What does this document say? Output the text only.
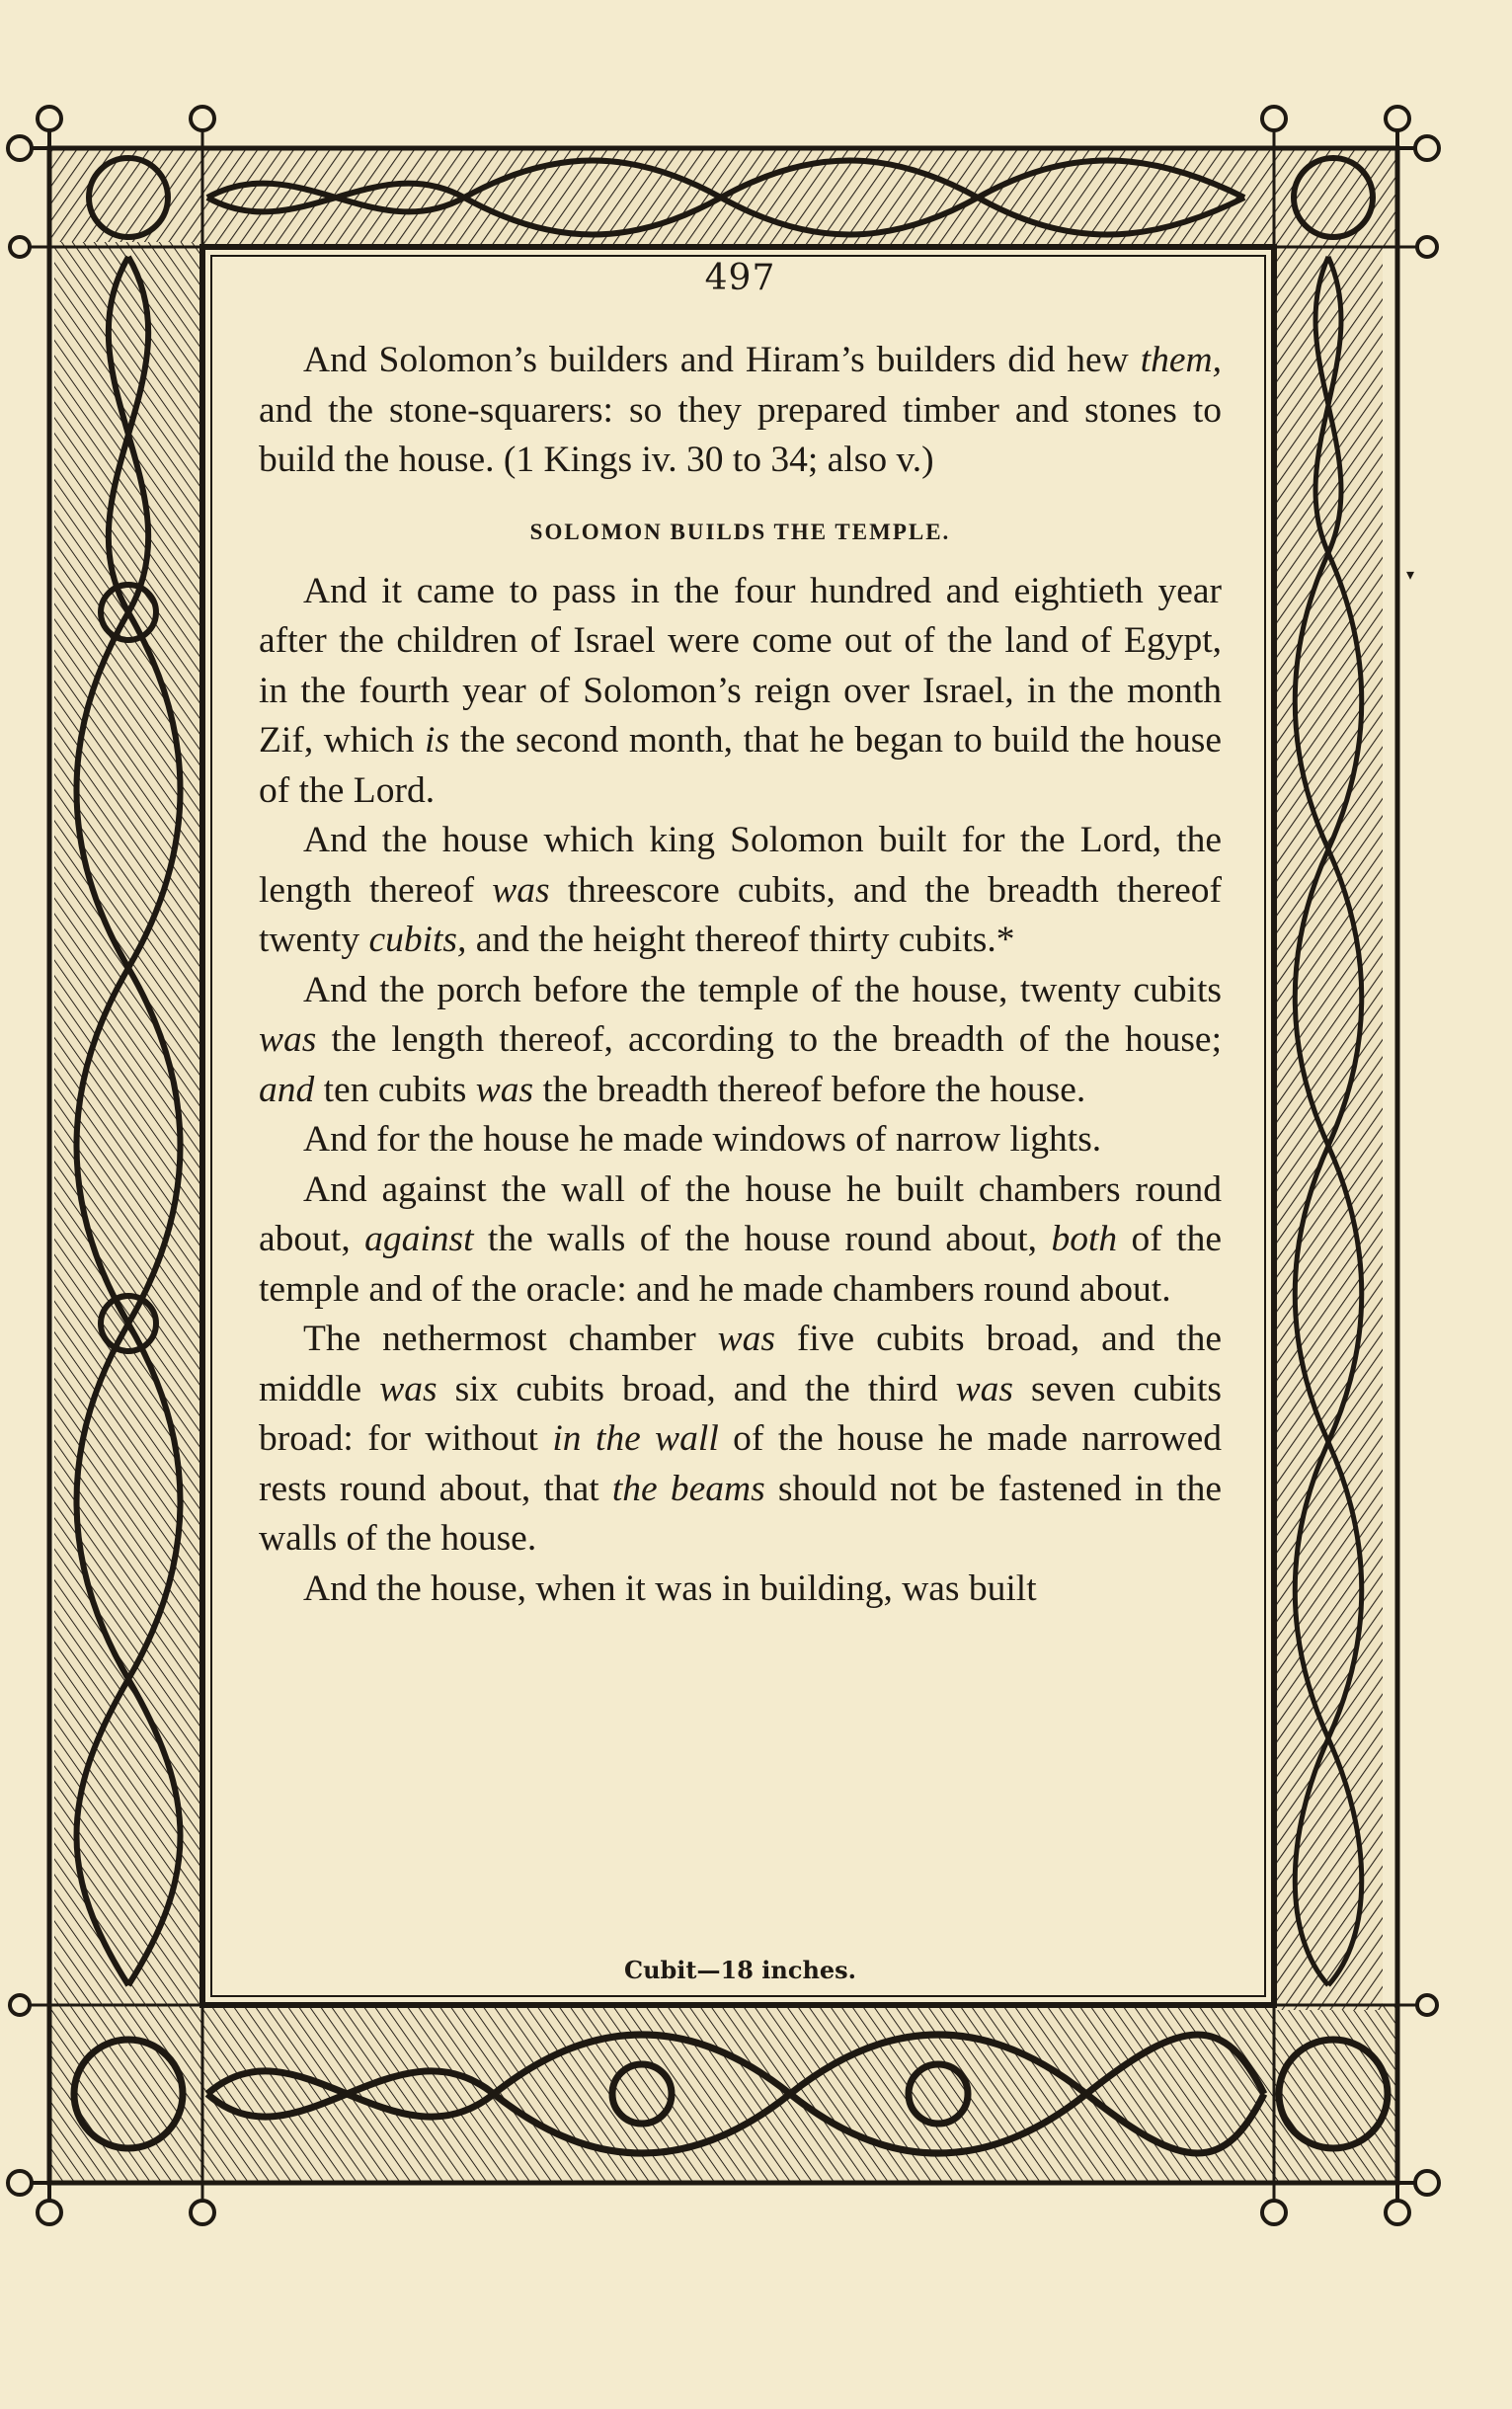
▾
497

And Solomon’s builders and Hiram’s builders did hew them, and the stone-squarers: so they prepared timber and stones to build the house. (1 Kings iv. 30 to 34; also v.)

SOLOMON BUILDS THE TEMPLE.

And it came to pass in the four hundred and eightieth year after the children of Israel were come out of the land of Egypt, in the fourth year of Solomon’s reign over Israel, in the month Zif, which is the second month, that he began to build the house of the Lord.

And the house which king Solomon built for the Lord, the length thereof was threescore cubits, and the breadth thereof twenty cubits, and the height thereof thirty cubits.*

And the porch before the temple of the house, twenty cubits was the length thereof, according to the breadth of the house; and ten cubits was the breadth thereof before the house.

And for the house he made windows of narrow lights.

And against the wall of the house he built chambers round about, against the walls of the house round about, both of the temple and of the oracle: and he made chambers round about.

The nethermost chamber was five cubits broad, and the middle was six cubits broad, and the third was seven cubits broad: for without in the wall of the house he made narrowed rests round about, that the beams should not be fastened in the walls of the house.

And the house, when it was in building, was built

Cubit—18 inches.
